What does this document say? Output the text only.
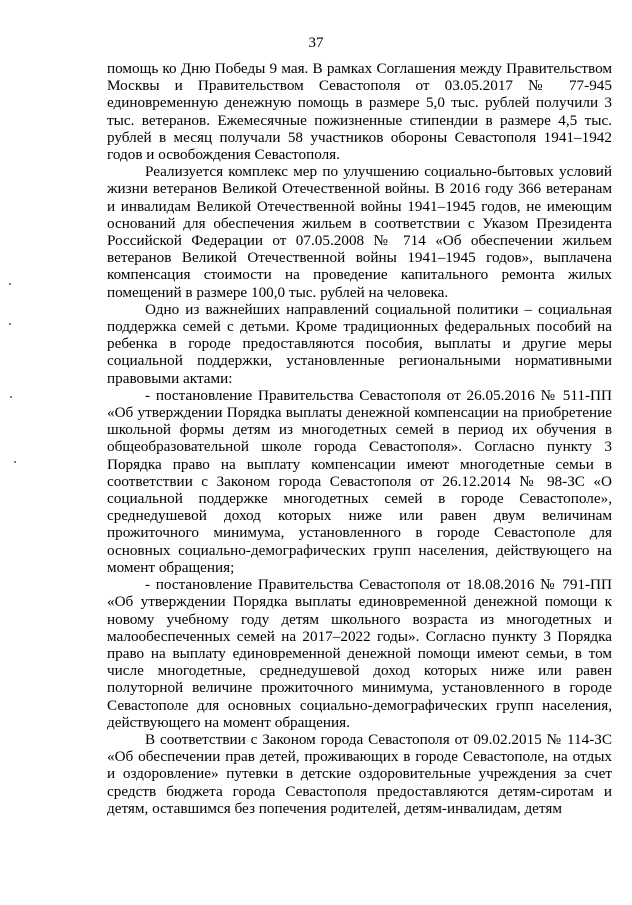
37

помощь ко Дню Победы 9 мая. В рамках Соглашения между Правительством Москвы и Правительством Севастополя от 03.05.2017 № 77-945 единовременную денежную помощь в размере 5,0 тыс. рублей получили 3 тыс. ветеранов. Ежемесячные пожизненные стипендии в размере 4,5 тыс. рублей в месяц получали 58 участников обороны Севастополя 1941–1942 годов и освобождения Севастополя.

Реализуется комплекс мер по улучшению социально-бытовых условий жизни ветеранов Великой Отечественной войны. В 2016 году 366 ветеранам и инвалидам Великой Отечественной войны 1941–1945 годов, не имеющим оснований для обеспечения жильем в соответствии с Указом Президента Российской Федерации от 07.05.2008 № 714 «Об обеспечении жильем ветеранов Великой Отечественной войны 1941–1945 годов», выплачена компенсация стоимости на проведение капитального ремонта жилых помещений в размере 100,0 тыс. рублей на человека.

Одно из важнейших направлений социальной политики – социальная поддержка семей с детьми. Кроме традиционных федеральных пособий на ребенка в городе предоставляются пособия, выплаты и другие меры социальной поддержки, установленные региональными нормативными правовыми актами:

- постановление Правительства Севастополя от 26.05.2016 № 511-ПП «Об утверждении Порядка выплаты денежной компенсации на приобретение школьной формы детям из многодетных семей в период их обучения в общеобразовательной школе города Севастополя». Согласно пункту 3 Порядка право на выплату компенсации имеют многодетные семьи в соответствии с Законом города Севастополя от 26.12.2014 № 98-ЗС «О социальной поддержке многодетных семей в городе Севастополе», среднедушевой доход которых ниже или равен двум величинам прожиточного минимума, установленного в городе Севастополе для основных социально-демографических групп населения, действующего на момент обращения;

- постановление Правительства Севастополя от 18.08.2016 № 791-ПП «Об утверждении Порядка выплаты единовременной денежной помощи к новому учебному году детям школьного возраста из многодетных и малообеспеченных семей на 2017–2022 годы». Согласно пункту 3 Порядка право на выплату единовременной денежной помощи имеют семьи, в том числе многодетные, среднедушевой доход которых ниже или равен полуторной величине прожиточного минимума, установленного в городе Севастополе для основных социально-демографических групп населения, действующего на момент обращения.

В соответствии с Законом города Севастополя от 09.02.2015 № 114-ЗС «Об обеспечении прав детей, проживающих в городе Севастополе, на отдых и оздоровление» путевки в детские оздоровительные учреждения за счет средств бюджета города Севастополя предоставляются детям-сиротам и детям, оставшимся без попечения родителей, детям-инвалидам, детям
